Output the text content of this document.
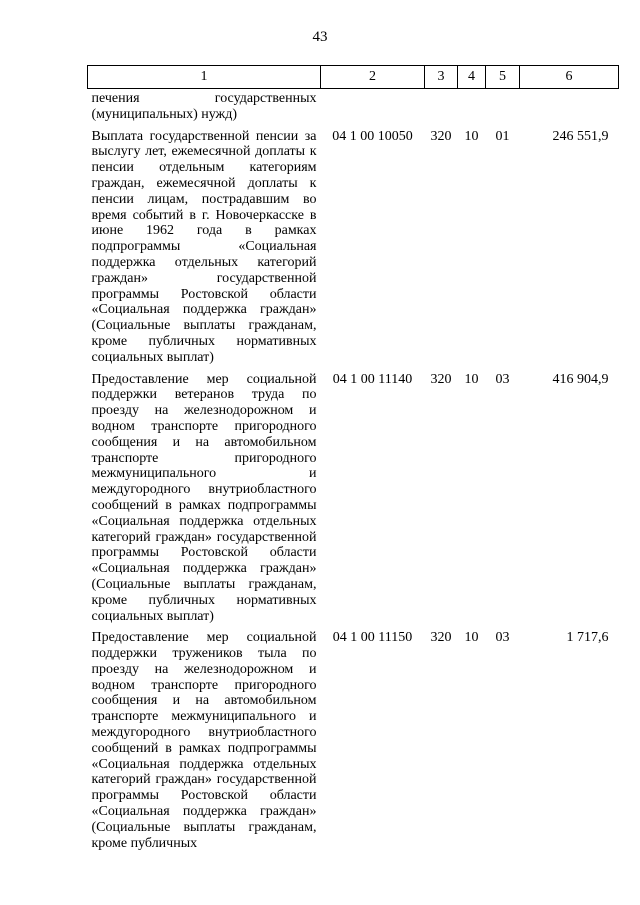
43
1	2	3	4	5	6
печения государственных (муниципальных) нужд)					
Выплата государственной пенсии за выслугу лет, ежемесячной доплаты к пенсии отдельным категориям граждан, ежемесячной доплаты к пенсии лицам, пострадавшим во время событий в г. Новочеркасске в июне 1962 года в рамках подпрограммы «Социальная поддержка отдельных категорий граждан» государственной программы Ростовской области «Социальная поддержка граждан» (Социальные выплаты гражданам, кроме публичных нормативных социальных выплат)	04 1 00 10050	320	10	01	246 551,9
Предоставление мер социальной поддержки ветеранов труда по проезду на железнодорожном и водном транспорте пригородного сообщения и на автомобильном транспорте пригородного межмуниципального и междугородного внутриобластного сообщений в рамках подпрограммы «Социальная поддержка отдельных категорий граждан» государственной программы Ростовской области «Социальная поддержка граждан» (Социальные выплаты гражданам, кроме публичных нормативных социальных выплат)	04 1 00 11140	320	10	03	416 904,9
Предоставление мер социальной поддержки тружеников тыла по проезду на железнодорожном и водном транспорте пригородного сообщения и на автомобильном транспорте межмуниципального и междугородного внутриобластного сообщений в рамках подпрограммы «Социальная поддержка отдельных категорий граждан» государственной программы Ростовской области «Социальная поддержка граждан» (Социальные выплаты гражданам, кроме публичных	04 1 00 11150	320	10	03	1 717,6
